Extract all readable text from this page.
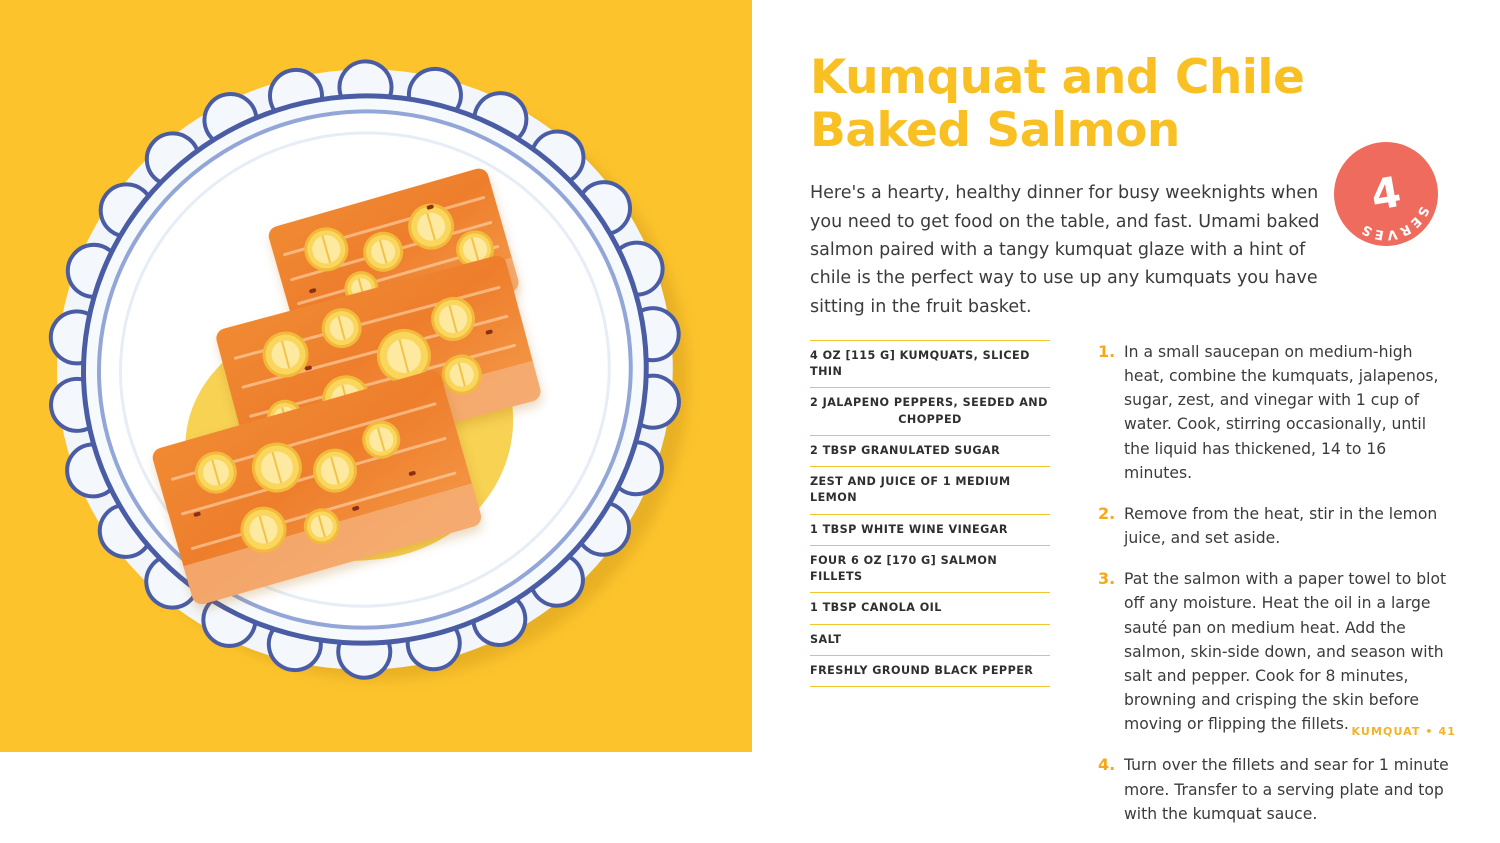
Kumquat and Chile Baked Salmon

Here's a hearty, healthy dinner for busy weeknights when you need to get food on the table, and fast. Umami baked salmon paired with a tangy kumquat glaze with a hint of chile is the perfect way to use up any kumquats you have sitting in the fruit basket.

SERVES
4
4 OZ [115 G] KUMQUATS, SLICED THIN
2 JALAPENO PEPPERS, SEEDED AND
CHOPPED
2 TBSP GRANULATED SUGAR
ZEST AND JUICE OF 1 MEDIUM LEMON
1 TBSP WHITE WINE VINEGAR
FOUR 6 OZ [170 G] SALMON FILLETS
1 TBSP CANOLA OIL
SALT
FRESHLY GROUND BLACK PEPPER
1. In a small saucepan on medium-high heat, combine the kumquats, jalapenos, sugar, zest, and vinegar with 1 cup of water. Cook, stirring occasionally, until the liquid has thickened, 14 to 16 minutes.
2. Remove from the heat, stir in the lemon juice, and set aside.
3. Pat the salmon with a paper towel to blot off any moisture. Heat the oil in a large sauté pan on medium heat. Add the salmon, skin-side down, and season with salt and pepper. Cook for 8 minutes, browning and crisping the skin before moving or flipping the fillets.
4. Turn over the fillets and sear for 1 minute more. Transfer to a serving plate and top with the kumquat sauce.
KUMQUAT • 41
